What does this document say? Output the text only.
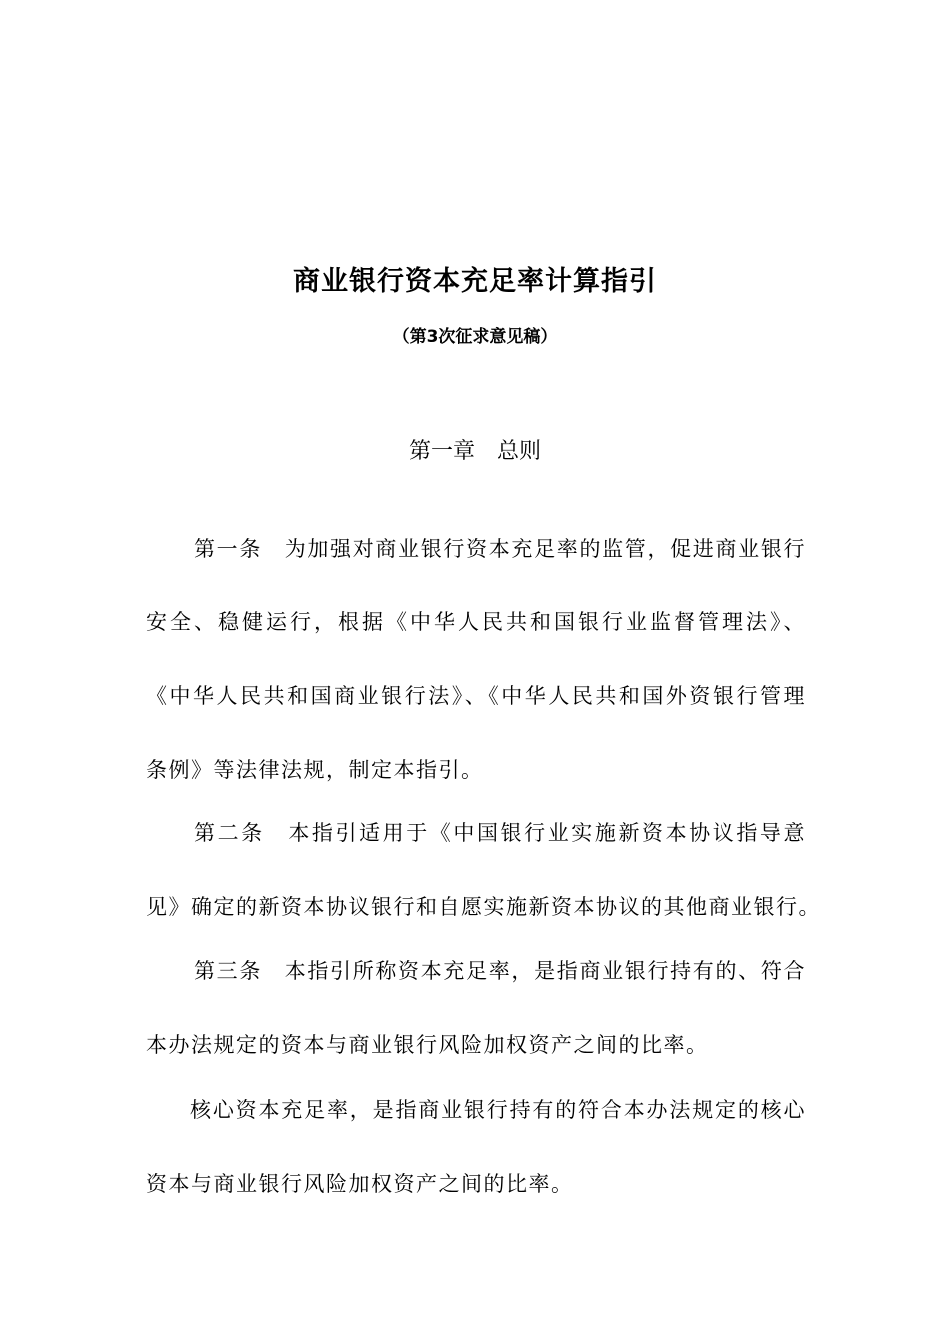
商业银行资本充足率计算指引
（第3次征求意见稿）
第一章　总则
第一条　为加强对商业银行资本充足率的监管，促进商业银行
安全、稳健运行，根据《中华人民共和国银行业监督管理法》、
《中华人民共和国商业银行法》、《中华人民共和国外资银行管理
条例》等法律法规，制定本指引。
第二条　本指引适用于《中国银行业实施新资本协议指导意
见》确定的新资本协议银行和自愿实施新资本协议的其他商业银行。
第三条　本指引所称资本充足率，是指商业银行持有的、符合
本办法规定的资本与商业银行风险加权资产之间的比率。
核心资本充足率，是指商业银行持有的符合本办法规定的核心
资本与商业银行风险加权资产之间的比率。
